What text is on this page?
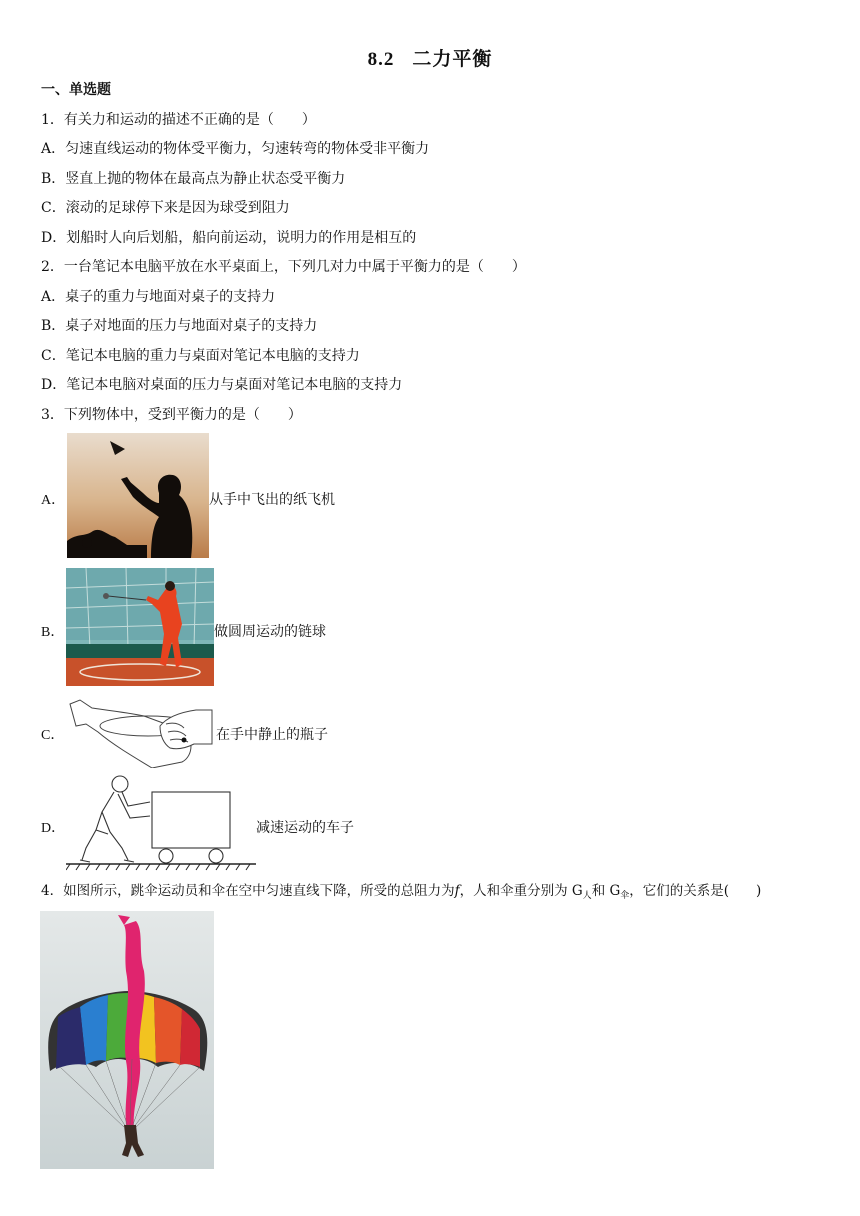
8.2 二力平衡
一、单选题
1．有关力和运动的描述不正确的是（　　）
A．匀速直线运动的物体受平衡力，匀速转弯的物体受非平衡力
B．竖直上抛的物体在最高点为静止状态受平衡力
C．滚动的足球停下来是因为球受到阻力
D．划船时人向后划船，船向前运动，说明力的作用是相互的
2．一台笔记本电脑平放在水平桌面上，下列几对力中属于平衡力的是（　　）
A．桌子的重力与地面对桌子的支持力
B．桌子对地面的压力与地面对桌子的支持力
C．笔记本电脑的重力与桌面对笔记本电脑的支持力
D．笔记本电脑对桌面的压力与桌面对笔记本电脑的支持力
3．下列物体中，受到平衡力的是（　　）
A．	从手中飞出的纸飞机
B．	做圆周运动的链球
C．	在手中静止的瓶子
D．	减速运动的车子
4．如图所示，跳伞运动员和伞在空中匀速直线下降，所受的总阻力为f，人和伞重分别为 $G_人$和 $G_伞$，它们的关系是(　　)
